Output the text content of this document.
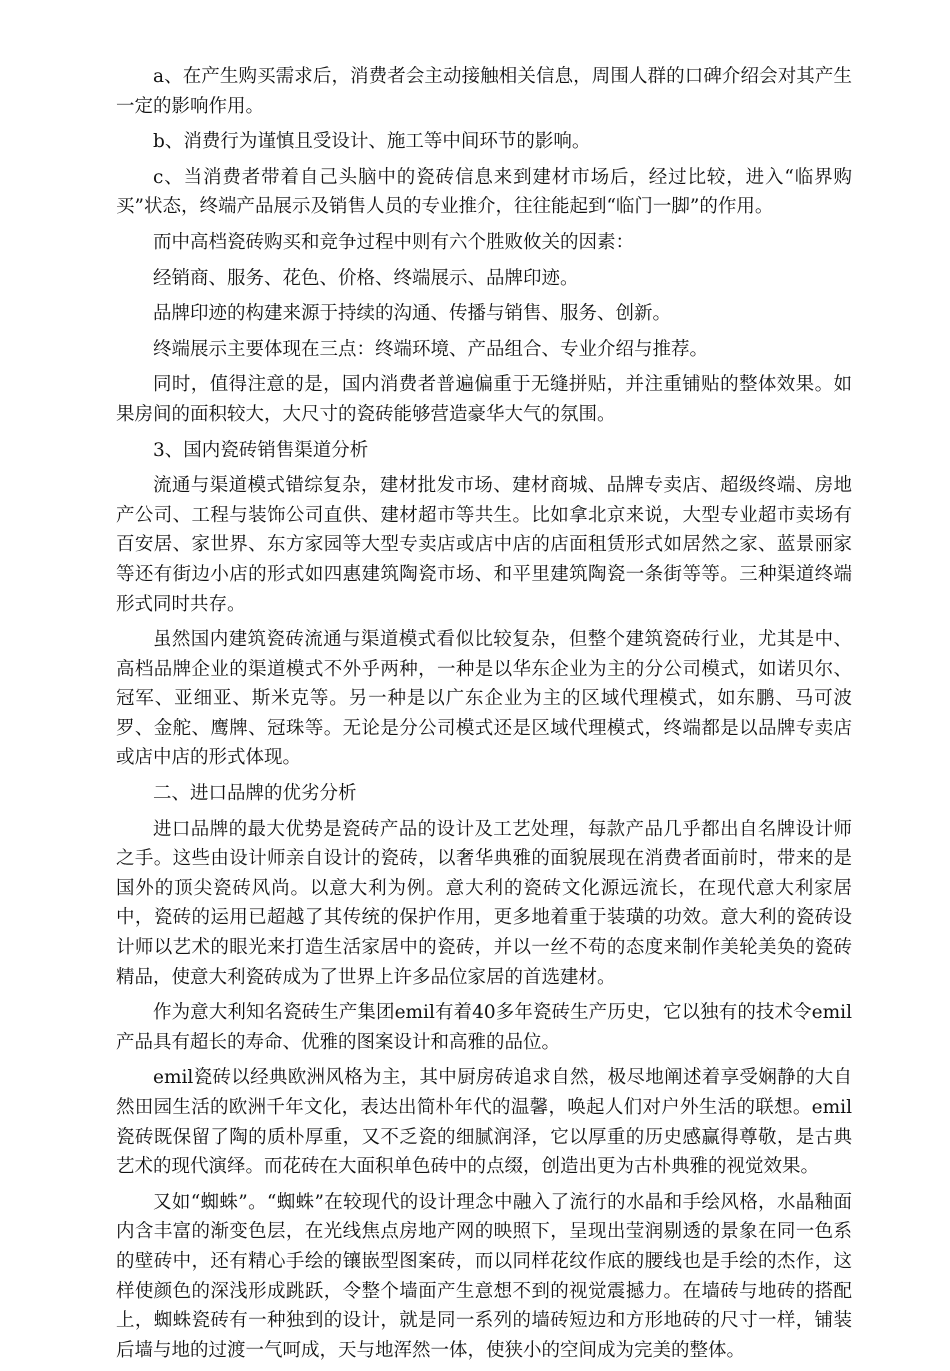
a、在产生购买需求后，消费者会主动接触相关信息，周围人群的口碑介绍会对其产生一定的影响作用。

b、消费行为谨慎且受设计、施工等中间环节的影响。

c、当消费者带着自己头脑中的瓷砖信息来到建材市场后，经过比较，进入“临界购买”状态，终端产品展示及销售人员的专业推介，往往能起到“临门一脚”的作用。

而中高档瓷砖购买和竞争过程中则有六个胜败攸关的因素：

经销商、服务、花色、价格、终端展示、品牌印迹。

品牌印迹的构建来源于持续的沟通、传播与销售、服务、创新。

终端展示主要体现在三点：终端环境、产品组合、专业介绍与推荐。

同时，值得注意的是，国内消费者普遍偏重于无缝拼贴，并注重铺贴的整体效果。如果房间的面积较大，大尺寸的瓷砖能够营造豪华大气的氛围。

3、国内瓷砖销售渠道分析

流通与渠道模式错综复杂，建材批发市场、建材商城、品牌专卖店、超级终端、房地产公司、工程与装饰公司直供、建材超市等共生。比如拿北京来说，大型专业超市卖场有百安居、家世界、东方家园等大型专卖店或店中店的店面租赁形式如居然之家、蓝景丽家等还有街边小店的形式如四惠建筑陶瓷市场、和平里建筑陶瓷一条街等等。三种渠道终端形式同时共存。

虽然国内建筑瓷砖流通与渠道模式看似比较复杂，但整个建筑瓷砖行业，尤其是中、高档品牌企业的渠道模式不外乎两种，一种是以华东企业为主的分公司模式，如诺贝尔、冠军、亚细亚、斯米克等。另一种是以广东企业为主的区域代理模式，如东鹏、马可波罗、金舵、鹰牌、冠珠等。无论是分公司模式还是区域代理模式，终端都是以品牌专卖店或店中店的形式体现。

二、进口品牌的优劣分析

进口品牌的最大优势是瓷砖产品的设计及工艺处理，每款产品几乎都出自名牌设计师之手。这些由设计师亲自设计的瓷砖，以奢华典雅的面貌展现在消费者面前时，带来的是国外的顶尖瓷砖风尚。以意大利为例。意大利的瓷砖文化源远流长，在现代意大利家居中，瓷砖的运用已超越了其传统的保护作用，更多地着重于装璜的功效。意大利的瓷砖设计师以艺术的眼光来打造生活家居中的瓷砖，并以一丝不苟的态度来制作美轮美奂的瓷砖精品，使意大利瓷砖成为了世界上许多品位家居的首选建材。

作为意大利知名瓷砖生产集团emil有着40多年瓷砖生产历史，它以独有的技术令emil产品具有超长的寿命、优雅的图案设计和高雅的品位。

emil瓷砖以经典欧洲风格为主，其中厨房砖追求自然，极尽地阐述着享受娴静的大自然田园生活的欧洲千年文化，表达出简朴年代的温馨，唤起人们对户外生活的联想。emil瓷砖既保留了陶的质朴厚重，又不乏瓷的细腻润泽，它以厚重的历史感赢得尊敬，是古典艺术的现代演绎。而花砖在大面积单色砖中的点缀，创造出更为古朴典雅的视觉效果。

又如“蜘蛛”。“蜘蛛”在较现代的设计理念中融入了流行的水晶和手绘风格，水晶釉面内含丰富的渐变色层，在光线焦点房地产网的映照下，呈现出莹润剔透的景象在同一色系的壁砖中，还有精心手绘的镶嵌型图案砖，而以同样花纹作底的腰线也是手绘的杰作，这样使颜色的深浅形成跳跃，令整个墙面产生意想不到的视觉震撼力。在墙砖与地砖的搭配上，蜘蛛瓷砖有一种独到的设计，就是同一系列的墙砖短边和方形地砖的尺寸一样，铺装后墙与地的过渡一气呵成，天与地浑然一体，使狭小的空间成为完美的整体。
